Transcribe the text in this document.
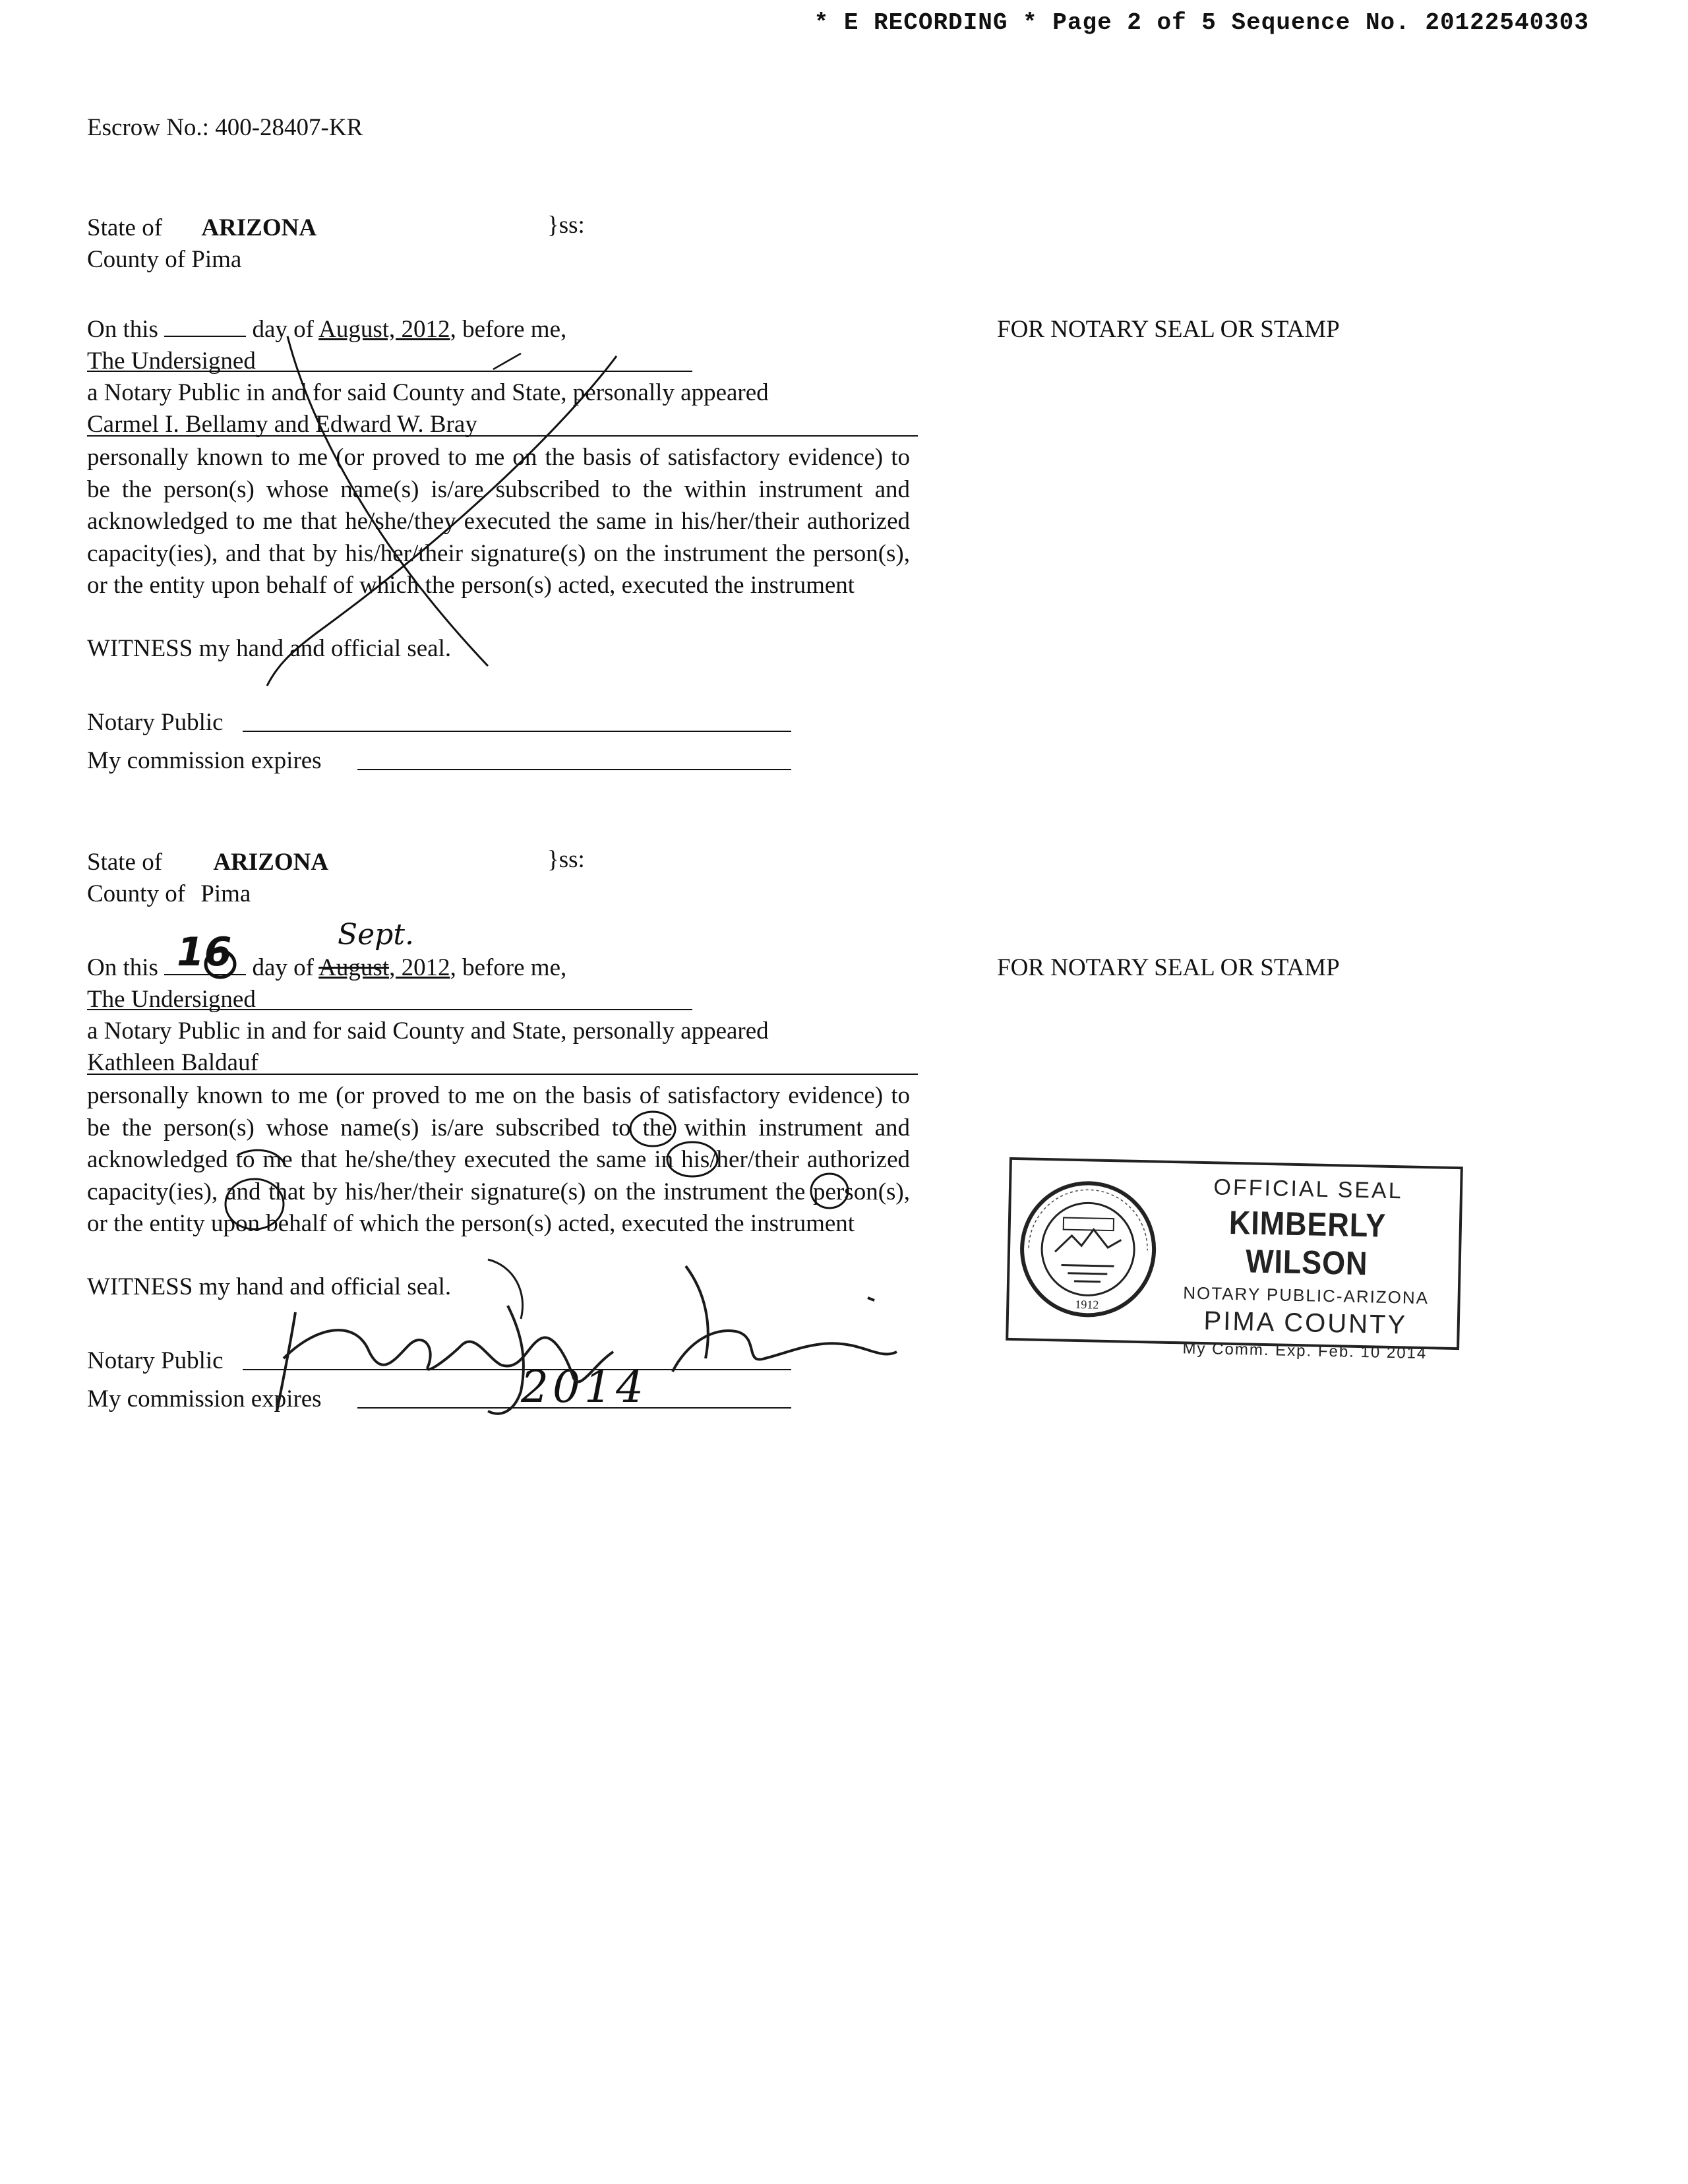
* E RECORDING * Page 2 of 5 Sequence No. 20122540303
Escrow No.: 400-28407-KR
State of ARIZONA	}ss:
County of Pima
On this	day of August, 2012, before me,	FOR NOTARY SEAL OR STAMP
The Undersigned
a Notary Public in and for said County and State, personally appeared
Carmel I. Bellamy and Edward W. Bray
personally known to me (or proved to me on the basis of satisfactory evidence) to be the person(s) whose name(s) is/are subscribed to the within instrument and acknowledged to me that he/she/they executed the same in his/her/their authorized capacity(ies), and that by his/her/their signature(s) on the instrument the person(s), or the entity upon behalf of which the person(s) acted, executed the instrument
WITNESS my hand and official seal.
Notary Public
My commission expires
State of ARIZONA	}ss:
County of Pima
On this	day of August, 2012, before me,	FOR NOTARY SEAL OR STAMP
16	Sept.
The Undersigned
a Notary Public in and for said County and State, personally appeared
Kathleen Baldauf
personally known to me (or proved to me on the basis of satisfactory evidence) to be the person(s) whose name(s) is/are subscribed to the within instrument and acknowledged to me that he/she/they executed the same in his/her/their authorized capacity(ies), and that by his/her/their signature(s) on the instrument the person(s), or the entity upon behalf of which the person(s) acted, executed the instrument
WITNESS my hand and official seal.
Notary Public
My commission expires	2014
1912
OFFICIAL SEAL
KIMBERLY WILSON
NOTARY PUBLIC-ARIZONA
PIMA COUNTY
My Comm. Exp. Feb. 10 2014
